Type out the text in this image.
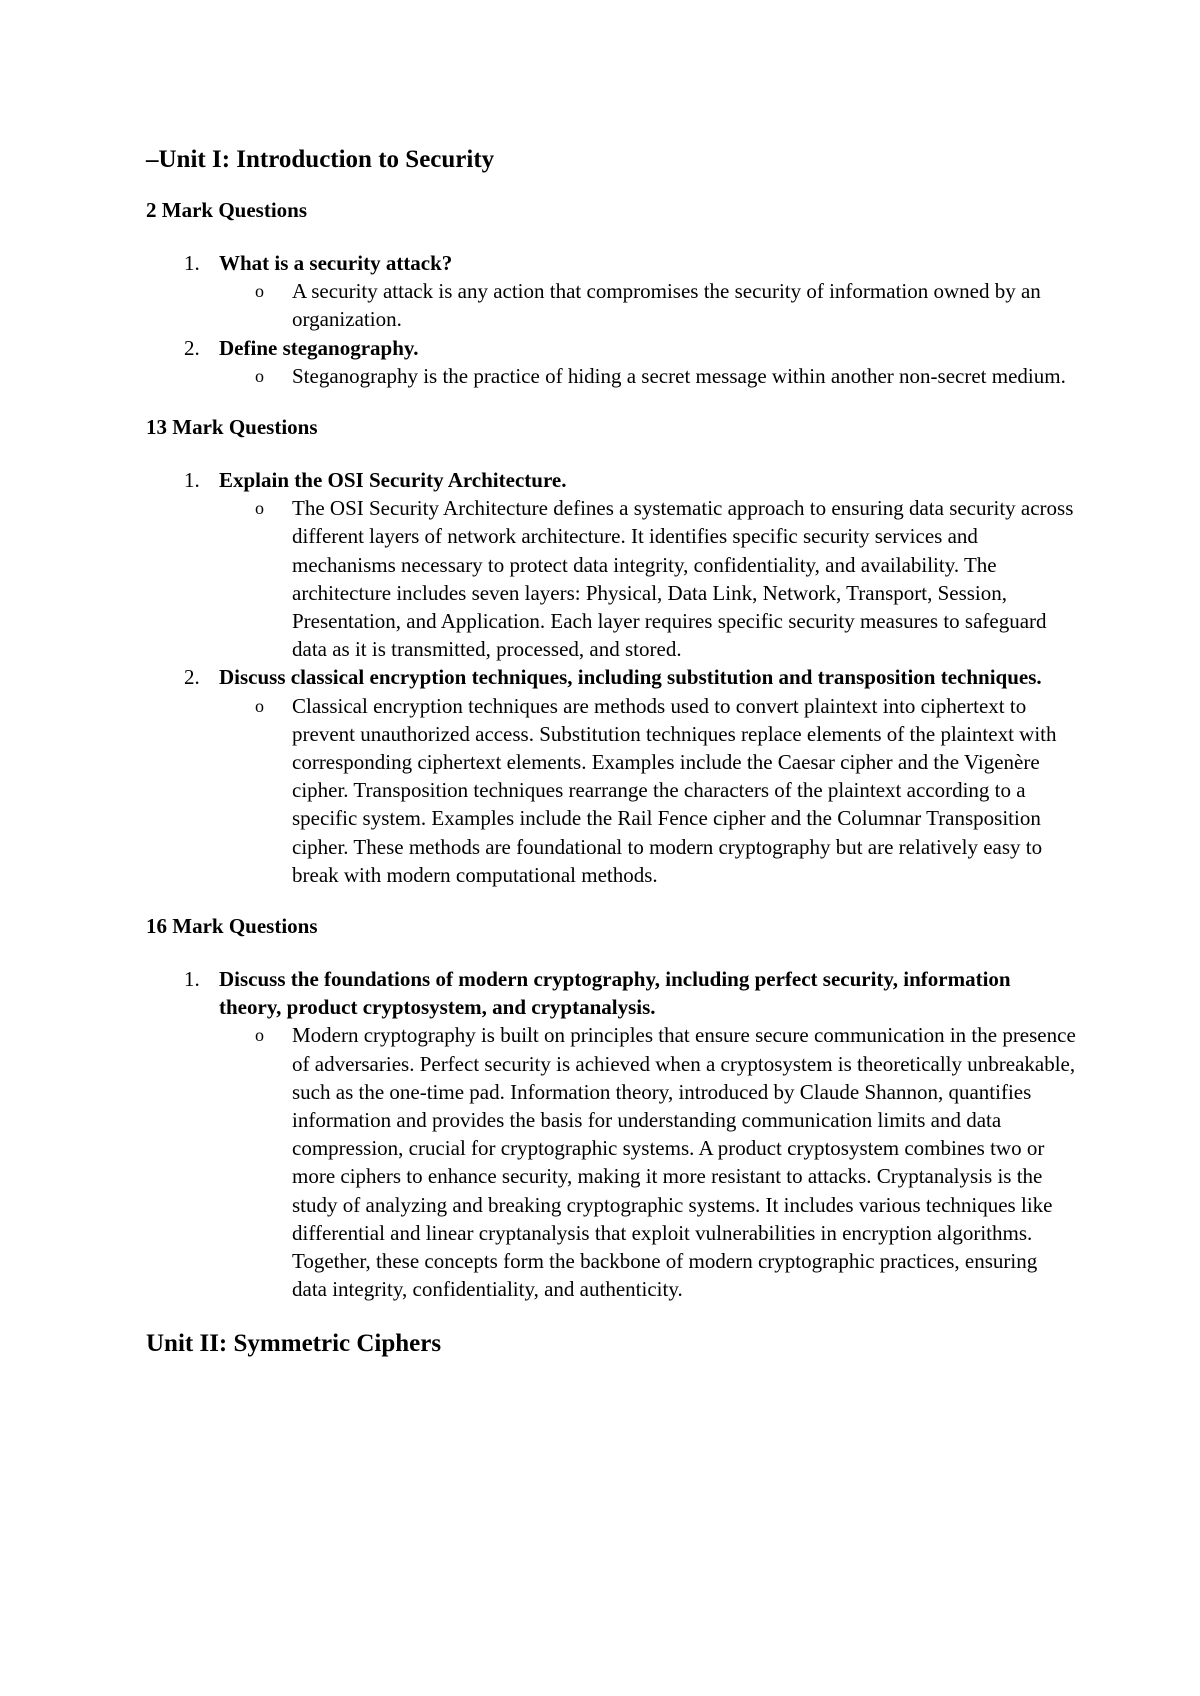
–Unit I: Introduction to Security
2 Mark Questions
1. What is a security attack?
o A security attack is any action that compromises the security of information owned by an organization.
2. Define steganography.
o Steganography is the practice of hiding a secret message within another non-secret medium.
13 Mark Questions
1. Explain the OSI Security Architecture.
o The OSI Security Architecture defines a systematic approach to ensuring data security across different layers of network architecture. It identifies specific security services and mechanisms necessary to protect data integrity, confidentiality, and availability. The architecture includes seven layers: Physical, Data Link, Network, Transport, Session, Presentation, and Application. Each layer requires specific security measures to safeguard data as it is transmitted, processed, and stored.
2. Discuss classical encryption techniques, including substitution and transposition techniques.
o Classical encryption techniques are methods used to convert plaintext into ciphertext to prevent unauthorized access. Substitution techniques replace elements of the plaintext with corresponding ciphertext elements. Examples include the Caesar cipher and the Vigenère cipher. Transposition techniques rearrange the characters of the plaintext according to a specific system. Examples include the Rail Fence cipher and the Columnar Transposition cipher. These methods are foundational to modern cryptography but are relatively easy to break with modern computational methods.
16 Mark Questions
1. Discuss the foundations of modern cryptography, including perfect security, information theory, product cryptosystem, and cryptanalysis.
o Modern cryptography is built on principles that ensure secure communication in the presence of adversaries. Perfect security is achieved when a cryptosystem is theoretically unbreakable, such as the one-time pad. Information theory, introduced by Claude Shannon, quantifies information and provides the basis for understanding communication limits and data compression, crucial for cryptographic systems. A product cryptosystem combines two or more ciphers to enhance security, making it more resistant to attacks. Cryptanalysis is the study of analyzing and breaking cryptographic systems. It includes various techniques like differential and linear cryptanalysis that exploit vulnerabilities in encryption algorithms. Together, these concepts form the backbone of modern cryptographic practices, ensuring data integrity, confidentiality, and authenticity.
Unit II: Symmetric Ciphers
